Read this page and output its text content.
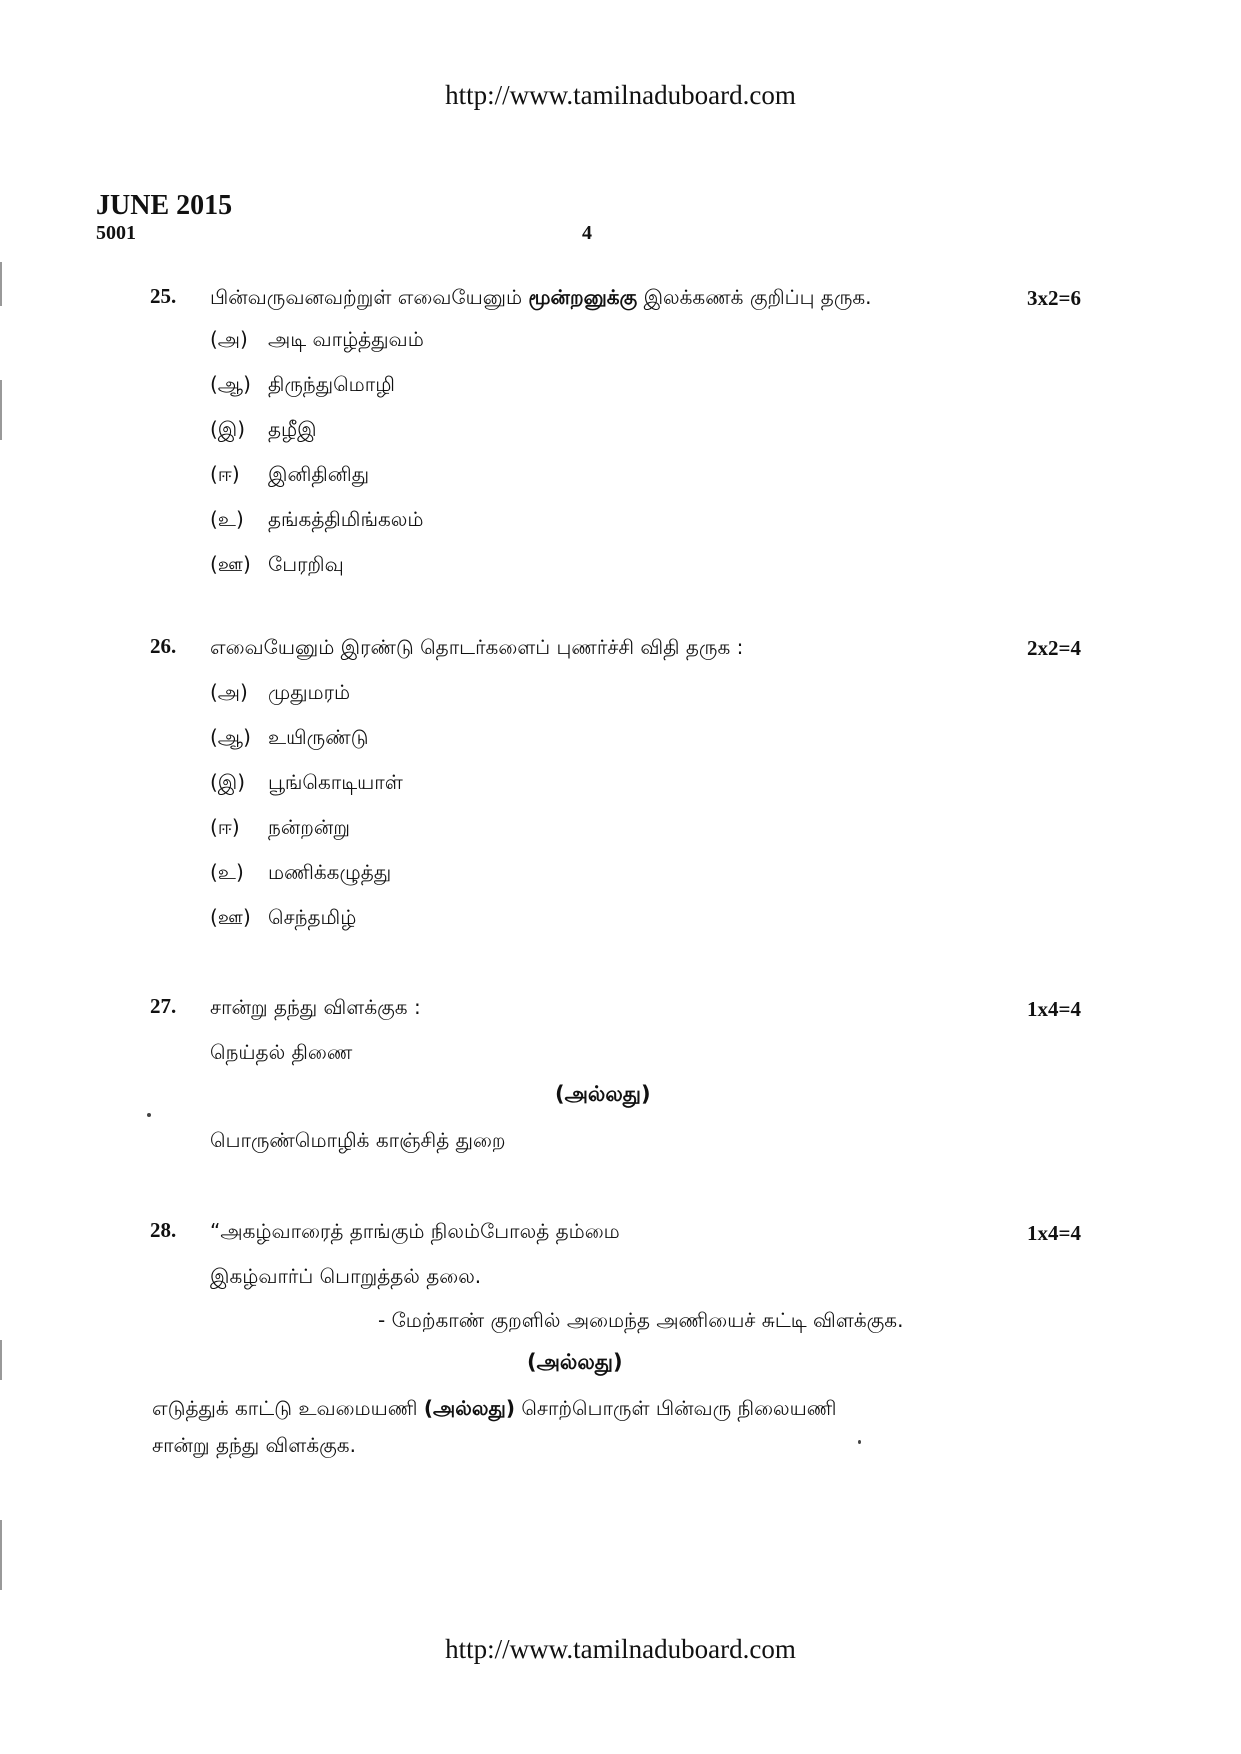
http://www.tamilnaduboard.com
JUNE 2015
5001	4
25. பின்வருவனவற்றுள் எவையேனும் மூன்றனுக்கு இலக்கணக் குறிப்பு தருக.	3x2=6
(அ) அடி வாழ்த்துவம்
(ஆ) திருந்துமொழி
(இ) தழீஇ
(ஈ) இனிதினிது
(உ) தங்கத்திமிங்கலம்
(ஊ) பேரறிவு
26. எவையேனும் இரண்டு தொடர்களைப் புணர்ச்சி விதி தருக :	2x2=4
(அ) முதுமரம்
(ஆ) உயிருண்டு
(இ) பூங்கொடியாள்
(ஈ) நன்றன்று
(உ) மணிக்கழுத்து
(ஊ) செந்தமிழ்
27. சான்று தந்து விளக்குக :	1x4=4
நெய்தல் திணை
(அல்லது)
பொருண்மொழிக் காஞ்சித் துறை
28. “அகழ்வாரைத் தாங்கும் நிலம்போலத் தம்மை	1x4=4
இகழ்வார்ப் பொறுத்தல் தலை.
- மேற்காண் குறளில் அமைந்த அணியைச் சுட்டி விளக்குக.
(அல்லது)
எடுத்துக் காட்டு உவமையணி (அல்லது) சொற்பொருள் பின்வரு நிலையணி
சான்று தந்து விளக்குக.
http://www.tamilnaduboard.com
